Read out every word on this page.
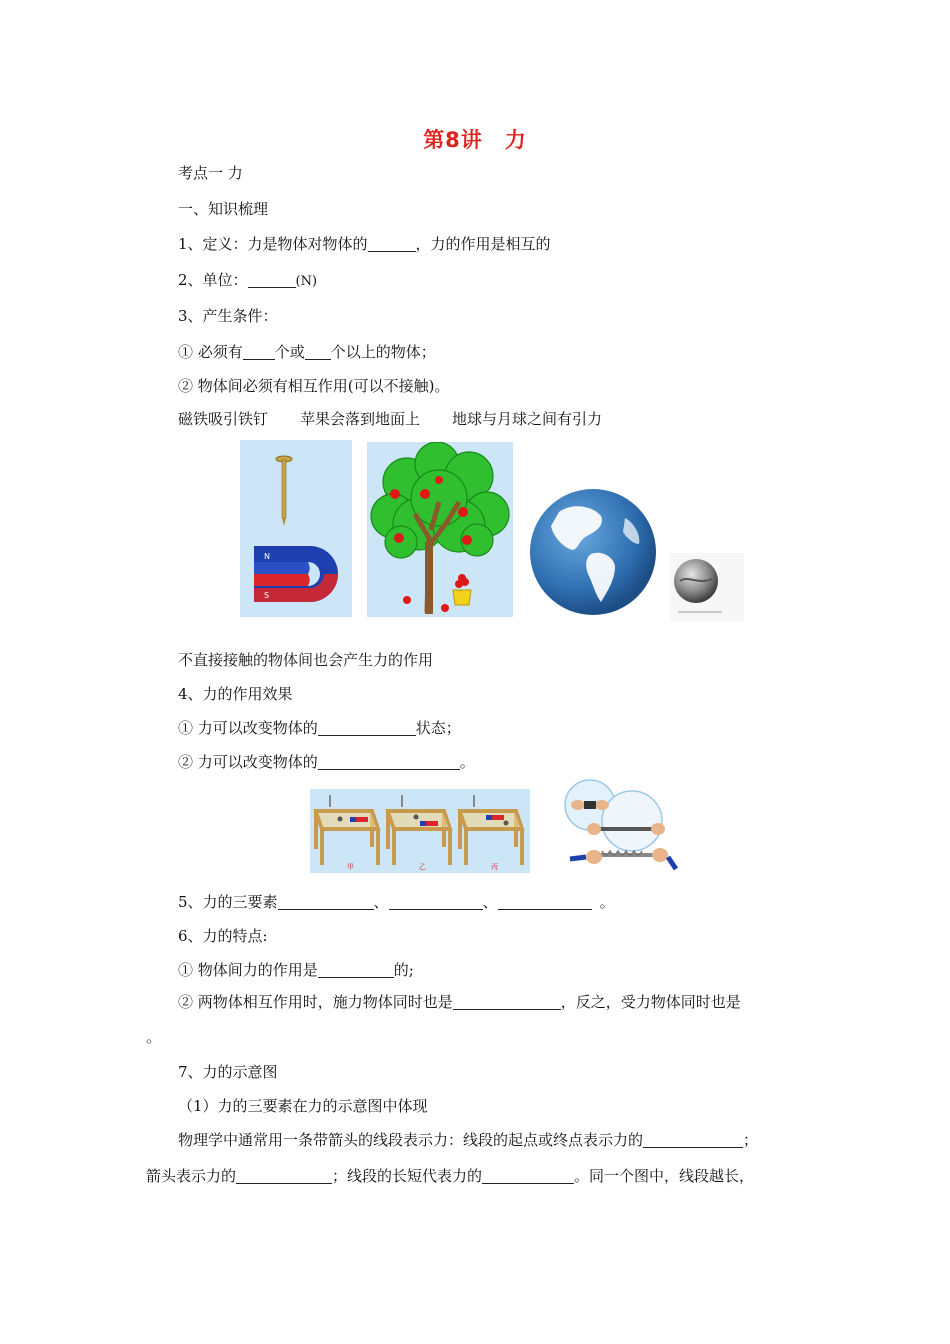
第8讲　力
考点一 力
一、知识梳理
1、定义：力是物体对物体的	，力的作用是相互的
2、单位：	(N)
3、产生条件：
① 必须有 个或 个以上的物体；
② 物体间必须有相互作用(可以不接触)。
磁铁吸引铁钉 苹果会落到地面上 地球与月球之间有引力
N
S
不直接接触的物体间也会产生力的作用
4、力的作用效果
① 力可以改变物体的	状态；
② 力可以改变物体的	。
甲	乙	丙
5、力的三要素	、	、	。
6、力的特点:
① 物体间力的作用是	的;
② 两物体相互作用时，施力物体同时也是	，反之，受力物体同时也是
。
7、力的示意图
（1）力的三要素在力的示意图中体现
物理学中通常用一条带箭头的线段表示力：线段的起点或终点表示力的	；
箭头表示力的	；线段的长短代表力的	。同一个图中，线段越长，
